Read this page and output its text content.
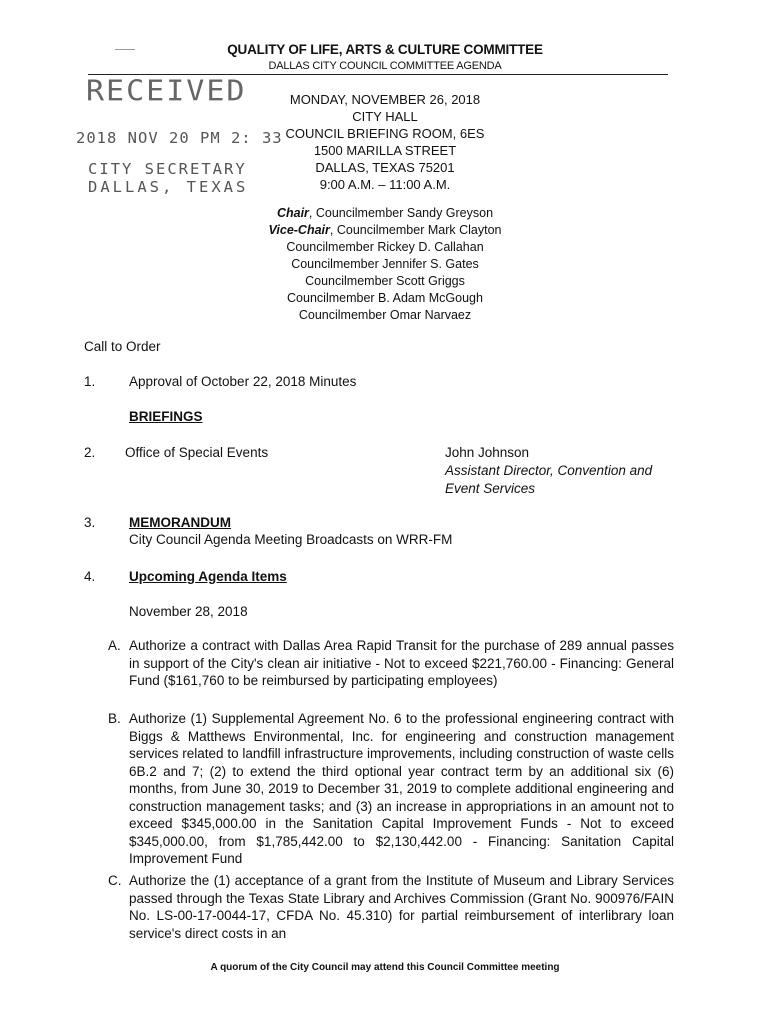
QUALITY OF LIFE, ARTS & CULTURE COMMITTEE
DALLAS CITY COUNCIL COMMITTEE AGENDA
RECEIVED
2018 NOV 20 PM 2: 33
CITY SECRETARY
DALLAS, TEXAS
MONDAY, NOVEMBER 26, 2018
CITY HALL
COUNCIL BRIEFING ROOM, 6ES
1500 MARILLA STREET
DALLAS, TEXAS 75201
9:00 A.M. – 11:00 A.M.
Chair, Councilmember Sandy Greyson
Vice-Chair, Councilmember Mark Clayton
Councilmember Rickey D. Callahan
Councilmember Jennifer S. Gates
Councilmember Scott Griggs
Councilmember B. Adam McGough
Councilmember Omar Narvaez
Call to Order
1. Approval of October 22, 2018 Minutes
BRIEFINGS
2. Office of Special Events	John Johnson
Assistant Director, Convention and
Event Services
3. MEMORANDUM
City Council Agenda Meeting Broadcasts on WRR-FM
4. Upcoming Agenda Items
November 28, 2018
A. Authorize a contract with Dallas Area Rapid Transit for the purchase of 289 annual passes in support of the City's clean air initiative - Not to exceed $221,760.00 - Financing: General Fund ($161,760 to be reimbursed by participating employees)
B. Authorize (1) Supplemental Agreement No. 6 to the professional engineering contract with Biggs & Matthews Environmental, Inc. for engineering and construction management services related to landfill infrastructure improvements, including construction of waste cells 6B.2 and 7; (2) to extend the third optional year contract term by an additional six (6) months, from June 30, 2019 to December 31, 2019 to complete additional engineering and construction management tasks; and (3) an increase in appropriations in an amount not to exceed $345,000.00 in the Sanitation Capital Improvement Funds - Not to exceed $345,000.00, from $1,785,442.00 to $2,130,442.00 - Financing: Sanitation Capital Improvement Fund
C. Authorize the (1) acceptance of a grant from the Institute of Museum and Library Services passed through the Texas State Library and Archives Commission (Grant No. 900976/FAIN No. LS-00-17-0044-17, CFDA No. 45.310) for partial reimbursement of interlibrary loan service's direct costs in an
A quorum of the City Council may attend this Council Committee meeting
